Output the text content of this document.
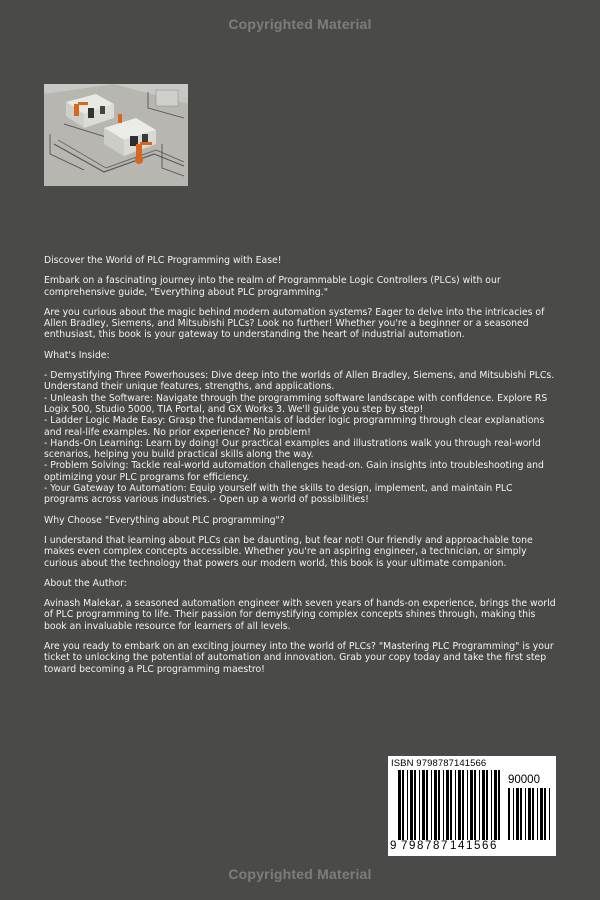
Copyrighted Material

Discover the World of PLC Programming with Ease!

Embark on a fascinating journey into the realm of Programmable Logic Controllers (PLCs) with our comprehensive guide, "Everything about PLC programming."

Are you curious about the magic behind modern automation systems? Eager to delve into the intricacies of Allen Bradley, Siemens, and Mitsubishi PLCs? Look no further! Whether you're a beginner or a seasoned enthusiast, this book is your gateway to understanding the heart of industrial automation.

What's Inside:

- Demystifying Three Powerhouses: Dive deep into the worlds of Allen Bradley, Siemens, and Mitsubishi PLCs. Understand their unique features, strengths, and applications.

- Unleash the Software: Navigate through the programming software landscape with confidence. Explore RS Logix 500, Studio 5000, TIA Portal, and GX Works 3. We'll guide you step by step!

- Ladder Logic Made Easy: Grasp the fundamentals of ladder logic programming through clear explanations and real-life examples. No prior experience? No problem!

- Hands-On Learning: Learn by doing! Our practical examples and illustrations walk you through real-world scenarios, helping you build practical skills along the way.

- Problem Solving: Tackle real-world automation challenges head-on. Gain insights into troubleshooting and optimizing your PLC programs for efficiency.

- Your Gateway to Automation: Equip yourself with the skills to design, implement, and maintain PLC programs across various industries. - Open up a world of possibilities!

Why Choose "Everything about PLC programming"?

I understand that learning about PLCs can be daunting, but fear not! Our friendly and approachable tone makes even complex concepts accessible. Whether you're an aspiring engineer, a technician, or simply curious about the technology that powers our modern world, this book is your ultimate companion.

About the Author:

Avinash Malekar, a seasoned automation engineer with seven years of hands-on experience, brings the world of PLC programming to life. Their passion for demystifying complex concepts shines through, making this book an invaluable resource for learners of all levels.

Are you ready to embark on an exciting journey into the world of PLCs? "Mastering PLC Programming" is your ticket to unlocking the potential of automation and innovation. Grab your copy today and take the first step toward becoming a PLC programming maestro!

ISBN 9798787141566
90000
9 798787 141566
Copyrighted Material
